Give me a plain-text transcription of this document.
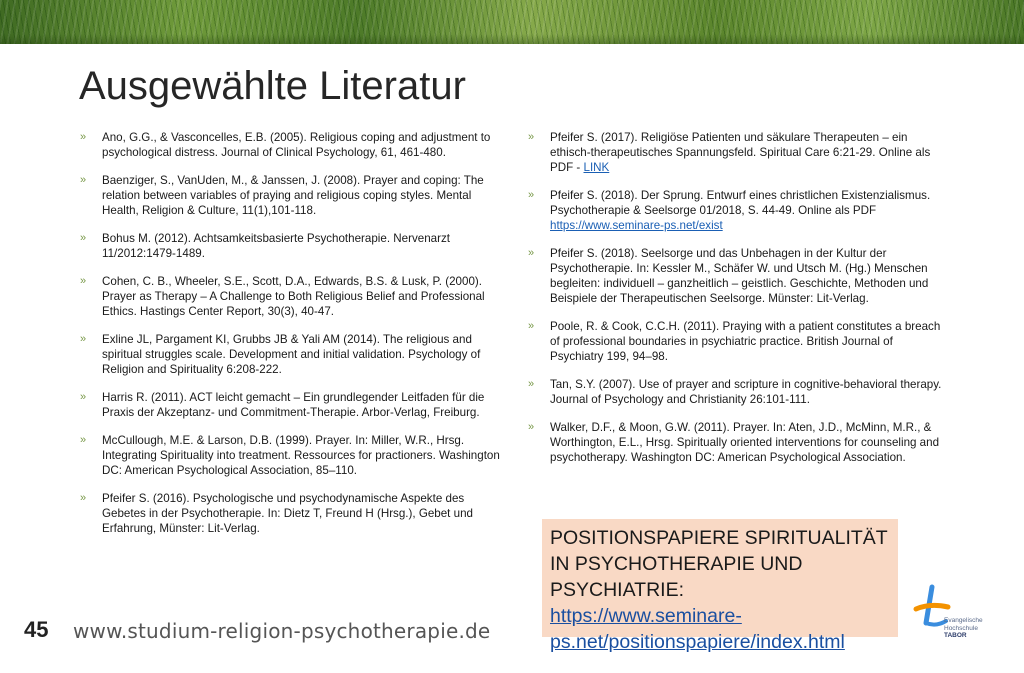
Ausgewählte Literatur
» Ano, G.G., & Vasconcelles, E.B. (2005). Religious coping and adjustment to psychological distress. Journal of Clinical Psychology, 61, 461-480.
» Baenziger, S., VanUden, M., & Janssen, J. (2008). Prayer and coping: The relation between variables of praying and religious coping styles. Mental Health, Religion & Culture, 11(1),101-118.
» Bohus M. (2012). Achtsamkeitsbasierte Psychotherapie. Nervenarzt 11/2012:1479-1489.
» Cohen, C. B., Wheeler, S.E., Scott, D.A., Edwards, B.S. & Lusk, P. (2000). Prayer as Therapy – A Challenge to Both Religious Belief and Professional Ethics. Hastings Center Report, 30(3), 40-47.
» Exline JL, Pargament KI, Grubbs JB & Yali AM (2014). The religious and spiritual struggles scale. Development and initial validation. Psychology of Religion and Spirituality 6:208-222.
» Harris R. (2011). ACT leicht gemacht – Ein grundlegender Leitfaden für die Praxis der Akzeptanz- und Commitment-Therapie. Arbor-Verlag, Freiburg.
» McCullough, M.E. & Larson, D.B. (1999). Prayer. In: Miller, W.R., Hrsg. Integrating Spirituality into treatment. Ressources for practioners. Washington DC: American Psychological Association, 85–110.
» Pfeifer S. (2016). Psychologische und psychodynamische Aspekte des Gebetes in der Psychotherapie. In: Dietz T, Freund H (Hrsg.), Gebet und Erfahrung, Münster: Lit-Verlag.
» Pfeifer S. (2017). Religiöse Patienten und säkulare Therapeuten – ein ethisch-therapeutisches Spannungsfeld. Spiritual Care 6:21-29. Online als PDF - LINK
» Pfeifer S. (2018). Der Sprung. Entwurf eines christlichen Existenzialismus. Psychotherapie & Seelsorge 01/2018, S. 44-49. Online als PDF https://www.seminare-ps.net/exist
» Pfeifer S. (2018). Seelsorge und das Unbehagen in der Kultur der Psychotherapie. In: Kessler M., Schäfer W. und Utsch M. (Hg.) Menschen begleiten: individuell – ganzheitlich – geistlich. Geschichte, Methoden und Beispiele der Therapeutischen Seelsorge. Münster: Lit-Verlag.
» Poole, R. & Cook, C.C.H. (2011). Praying with a patient constitutes a breach of professional boundaries in psychiatric practice. British Journal of Psychiatry 199, 94–98.
» Tan, S.Y. (2007). Use of prayer and scripture in cognitive-behavioral therapy. Journal of Psychology and Christianity 26:101-111.
» Walker, D.F., & Moon, G.W. (2011). Prayer. In: Aten, J.D., McMinn, M.R., & Worthington, E.L., Hrsg. Spiritually oriented interventions for counseling and psychotherapy. Washington DC: American Psychological Association.
POSITIONSPAPIERE SPIRITUALITÄT IN PSYCHOTHERAPIE UND PSYCHIATRIE:
https://www.seminare-ps.net/positionspapiere/index.html
45 www.studium-religion-psychotherapie.de	Evangelische
Hochschule
TABOR
